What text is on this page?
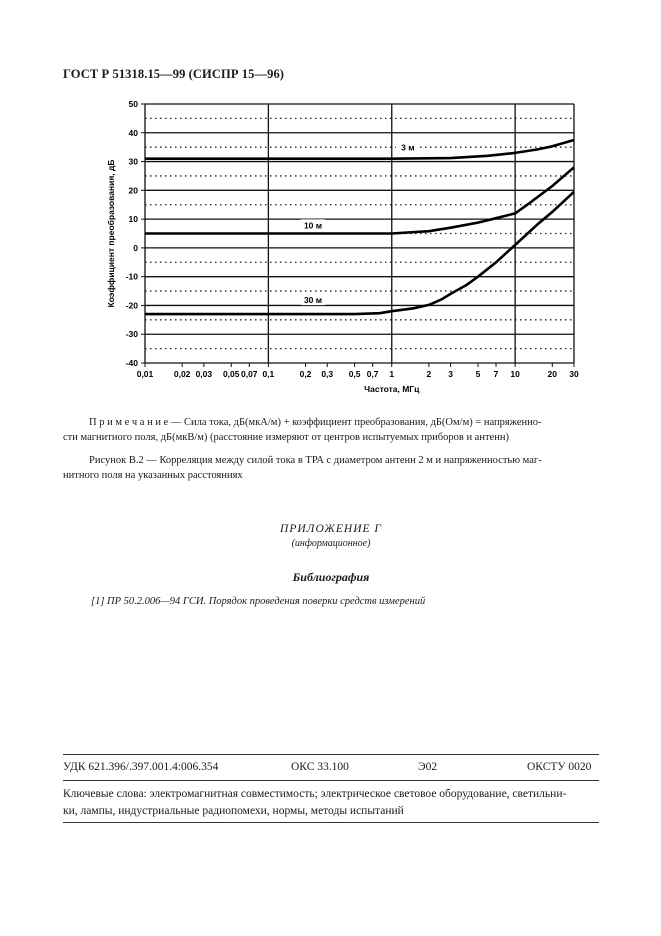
ГОСТ Р 51318.15—99 (СИСПР 15—96)
3 м
10 м
30 м
50
40
30
20
10
0
-10
-20
-30
-40
0,01 0,02 0,03 0,05 0,07 0,1	0,2 0,3 0,5 0,7 1	2 3	5 7 10	20 30
Частота, МГц
Коэффициент преобразования, дБ
П р и м е ч а н и е — Сила тока, дБ(мкА/м) + коэффициент преобразования, дБ(Ом/м) = напряженно-
сти магнитного поля, дБ(мкВ/м) (расстояние измеряют от центров испытуемых приборов и антенн)
Рисунок В.2 — Корреляция между силой тока в ТРА с диаметром антенн 2 м и напряженностью маг-
нитного поля на указанных расстояниях
ПРИЛОЖЕНИЕ Г
(информационное)
Библиография
[1] ПР 50.2.006—94 ГСИ. Порядок проведения поверки средств измерений
УДК 621.396/.397.001.4:006.354	ОКС 33.100	Э02	ОКСТУ 0020
Ключевые слова: электромагнитная совместимость; электрическое световое оборудование, светильни-
ки, лампы, индустриальные радиопомехи, нормы, методы испытаний
